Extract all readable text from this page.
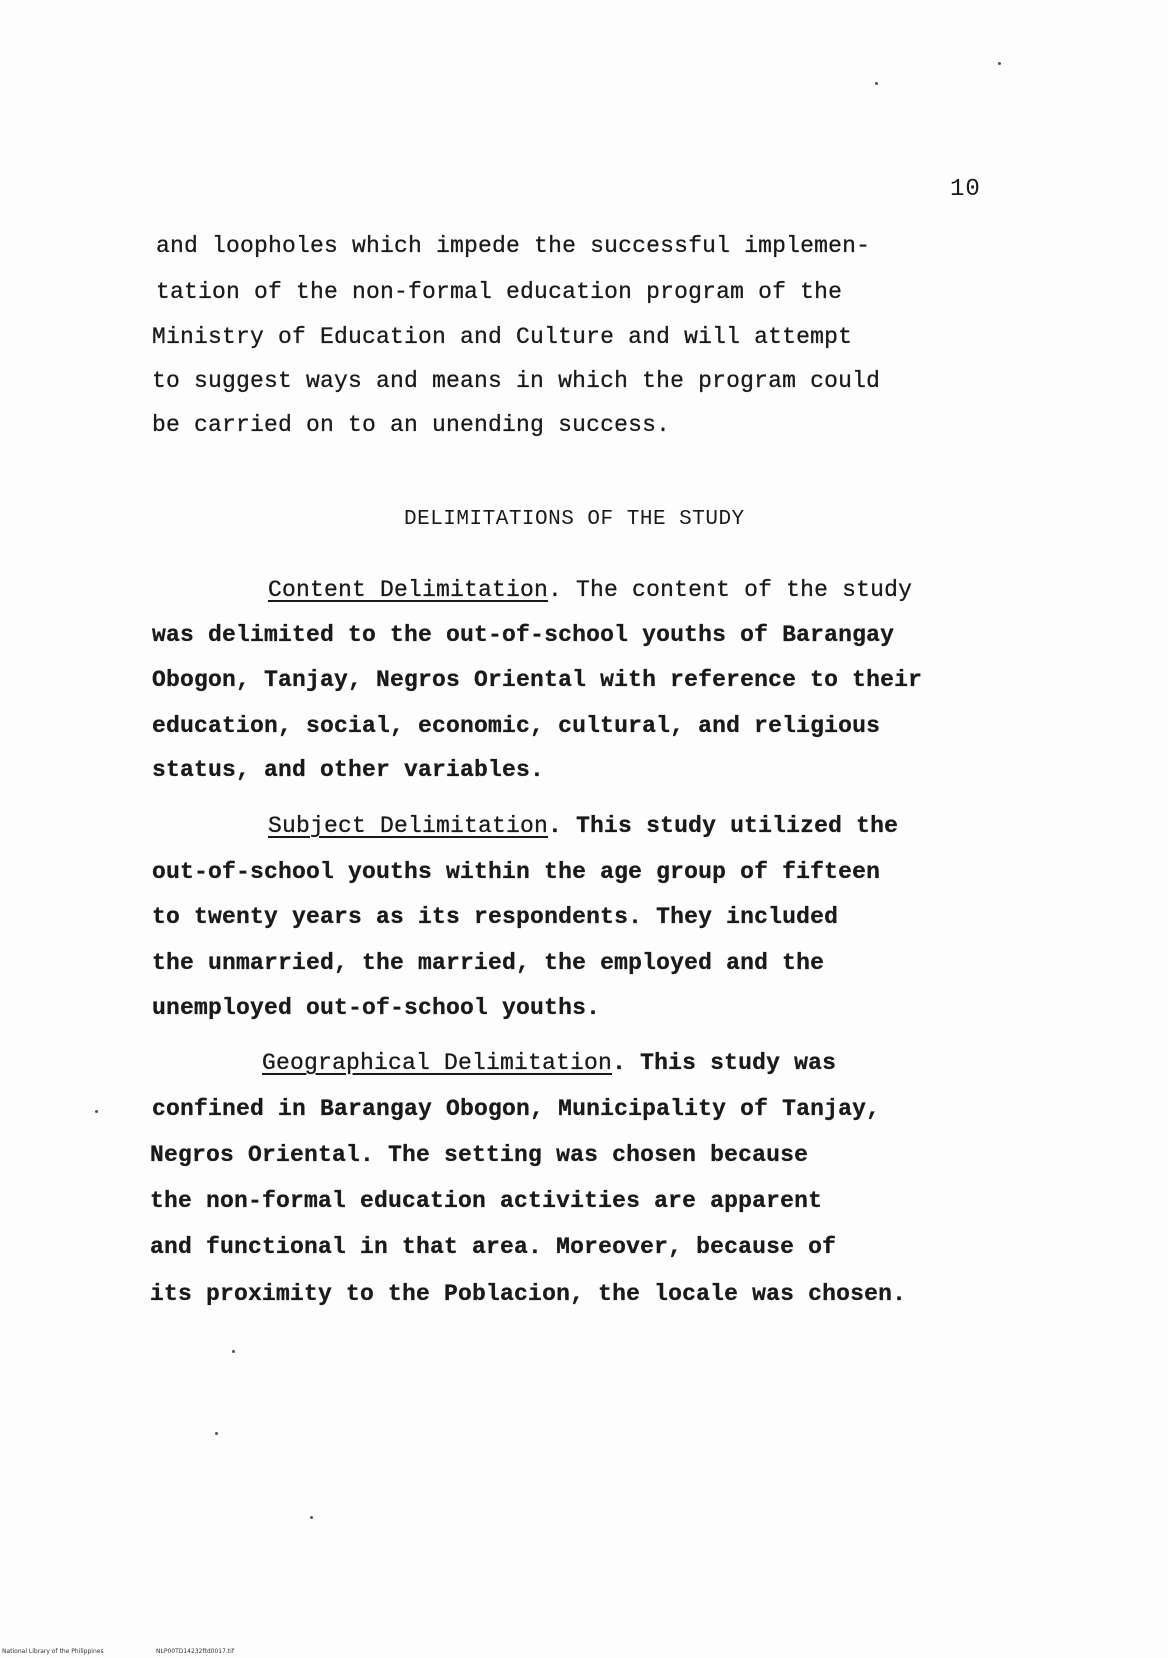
10
and loopholes which impede the successful implemen-
tation of the non-formal education program of the
Ministry of Education and Culture and will attempt
to suggest ways and means in which the program could
be carried on to an unending success.
DELIMITATIONS OF THE STUDY
Content Delimitation. The content of the study
was delimited to the out-of-school youths of Barangay
Obogon, Tanjay, Negros Oriental with reference to their
education, social, economic, cultural, and religious
status, and other variables.
Subject Delimitation. This study utilized the
out-of-school youths within the age group of fifteen
to twenty years as its respondents. They included
the unmarried, the married, the employed and the
unemployed out-of-school youths.
Geographical Delimitation. This study was
confined in Barangay Obogon, Municipality of Tanjay,
Negros Oriental. The setting was chosen because
the non-formal education activities are apparent
and functional in that area. Moreover, because of
its proximity to the Poblacion, the locale was chosen.
National Library of the Philippines	NLP00TD14232ftd0017.tif
